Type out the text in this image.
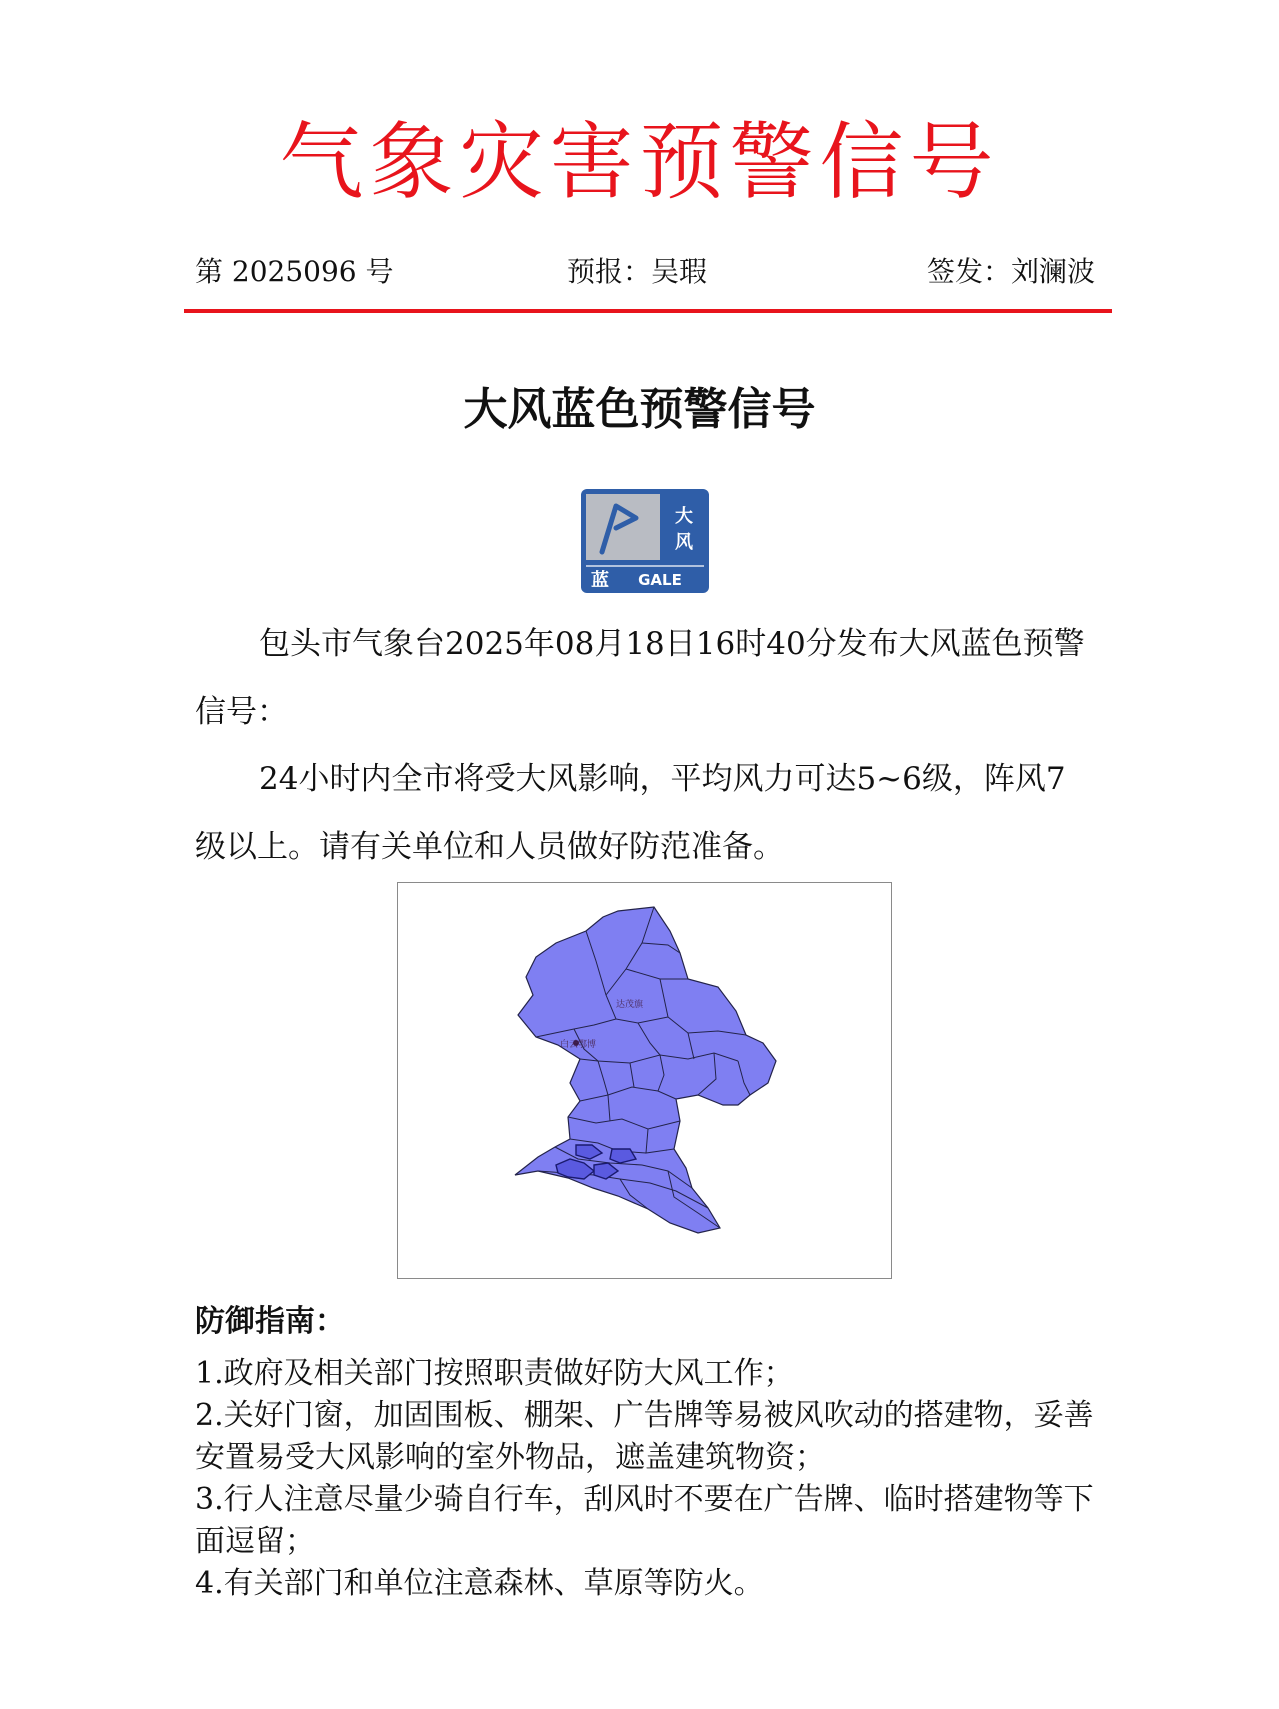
气象灾害预警信号
第 2025096 号	预报：吴瑕	签发：刘澜波
大风蓝色预警信号
大
风
蓝 GALE

包头市气象台2025年08月18日16时40分发布大风蓝色预警信号：

24小时内全市将受大风影响，平均风力可达5~6级，阵风7级以上。请有关单位和人员做好防范准备。

达茂旗
白云鄂博
防御指南：
1.政府及相关部门按照职责做好防大风工作；
2.关好门窗，加固围板、棚架、广告牌等易被风吹动的搭建物，妥善安置易受大风影响的室外物品，遮盖建筑物资；
3.行人注意尽量少骑自行车，刮风时不要在广告牌、临时搭建物等下面逗留；
4.有关部门和单位注意森林、草原等防火。
